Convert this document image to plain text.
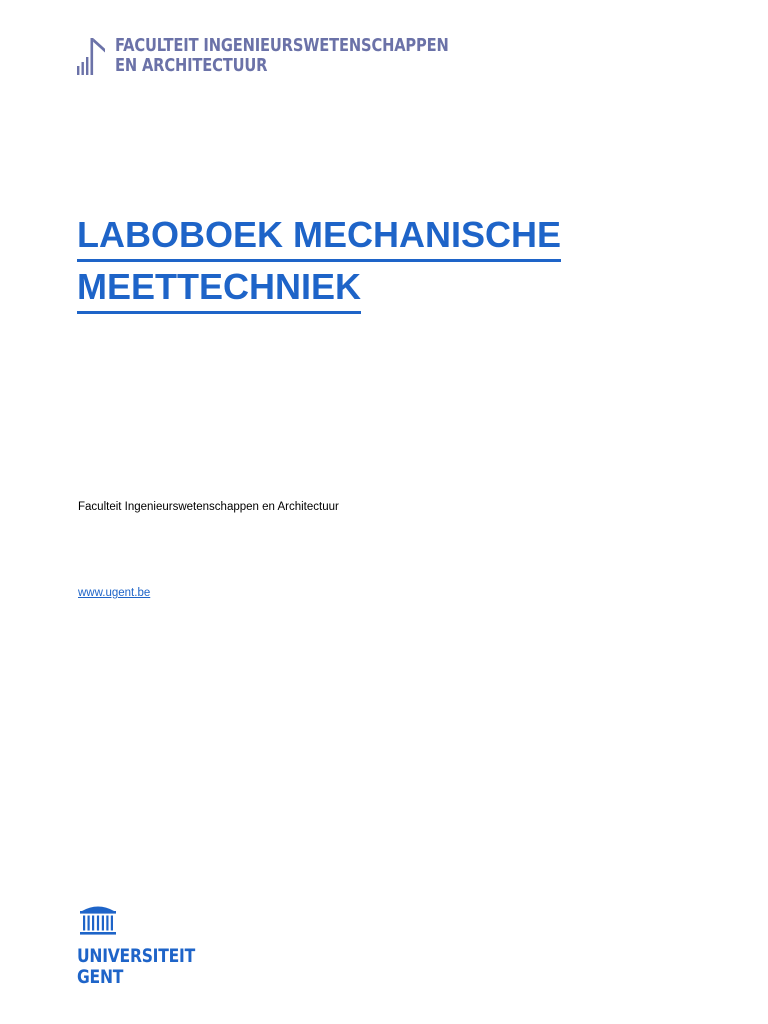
FACULTEIT INGENIEURSWETENSCHAPPEN
EN ARCHITECTUUR
LABOBOEK MECHANISCHE
MEETTECHNIEK

Faculteit Ingenieurswetenschappen en Architectuur

www.ugent.be
UNIVERSITEIT
GENT
